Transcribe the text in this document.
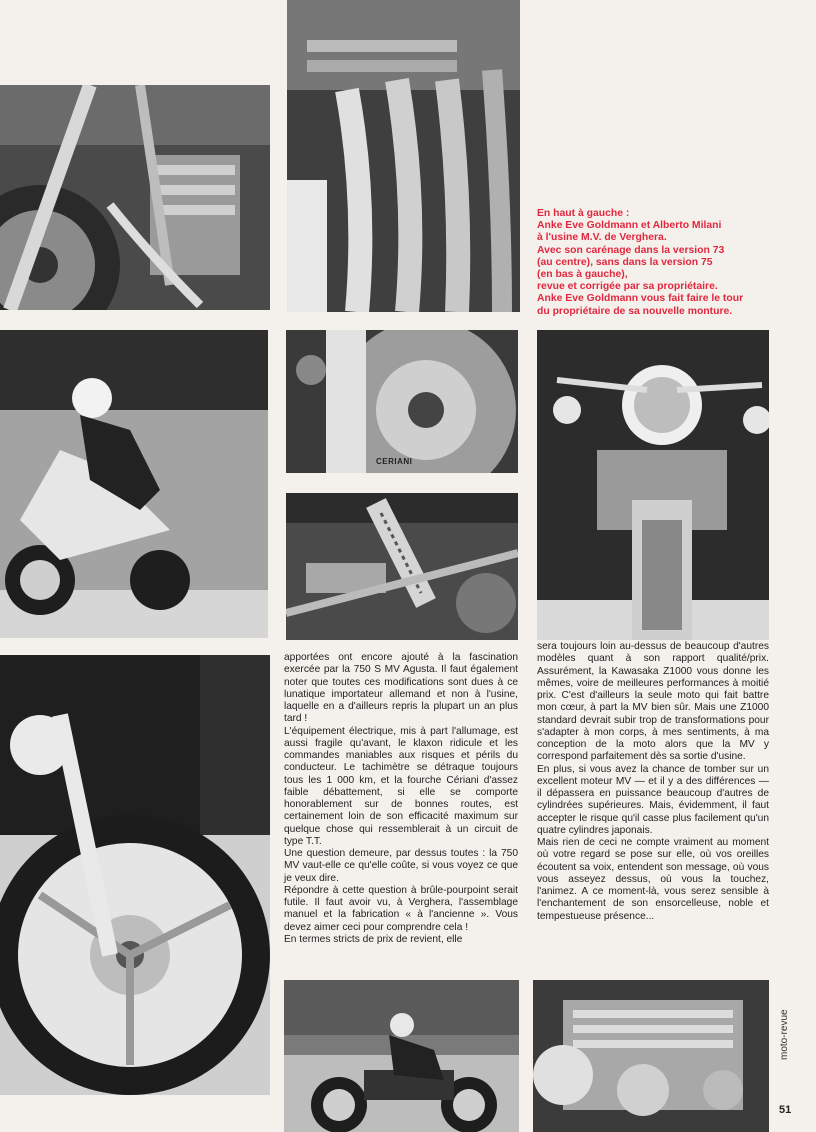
CERIANI
En haut à gauche :
Anke Eve Goldmann et Alberto Milani
à l'usine M.V. de Verghera.
Avec son carénage dans la version 73
(au centre), sans dans la version 75
(en bas à gauche),
revue et corrigée par sa propriétaire.
Anke Eve Goldmann vous fait faire le tour
du propriétaire de sa nouvelle monture.

apportées ont encore ajouté à la fascination exercée par la 750 S MV Agusta. Il faut également noter que toutes ces modifications sont dues à ce lunatique importateur allemand et non à l'usine, laquelle en a d'ailleurs repris la plupart un an plus tard !

L'équipement électrique, mis à part l'allumage, est aussi fragile qu'avant, le klaxon ridicule et les commandes maniables aux risques et périls du conducteur. Le tachimètre se détraque toujours tous les 1 000 km, et la fourche Cériani d'assez faible débattement, si elle se comporte honorablement sur de bonnes routes, est certainement loin de son efficacité maximum sur quelque chose qui ressemblerait à un circuit de type T.T.

Une question demeure, par dessus toutes : la 750 MV vaut-elle ce qu'elle coûte, si vous voyez ce que je veux dire.

Répondre à cette question à brûle-pourpoint serait futile. Il faut avoir vu, à Verghera, l'assemblage manuel et la fabrication « à l'ancienne ». Vous devez aimer ceci pour comprendre cela !

En termes stricts de prix de revient, elle

sera toujours loin au-dessus de beaucoup d'autres modèles quant à son rapport qualité/prix. Assurément, la Kawasaka Z1000 vous donne les mêmes, voire de meilleures performances à moitié prix. C'est d'ailleurs la seule moto qui fait battre mon cœur, à part la MV bien sûr. Mais une Z1000 standard devrait subir trop de transformations pour s'adapter à mon corps, à mes sentiments, à ma conception de la moto alors que la MV y correspond parfaitement dès sa sortie d'usine.

En plus, si vous avez la chance de tomber sur un excellent moteur MV — et il y a des différences — il dépassera en puissance beaucoup d'autres de cylindrées supérieures. Mais, évidemment, il faut accepter le risque qu'il casse plus facilement qu'un quatre cylindres japonais.

Mais rien de ceci ne compte vraiment au moment où votre regard se pose sur elle, où vos oreilles écoutent sa voix, entendent son message, où vous vous asseyez dessus, où vous la touchez, l'animez. A ce moment-là, vous serez sensible à l'enchantement de son ensorcelleuse, noble et tempestueuse présence...

moto-revue
51
